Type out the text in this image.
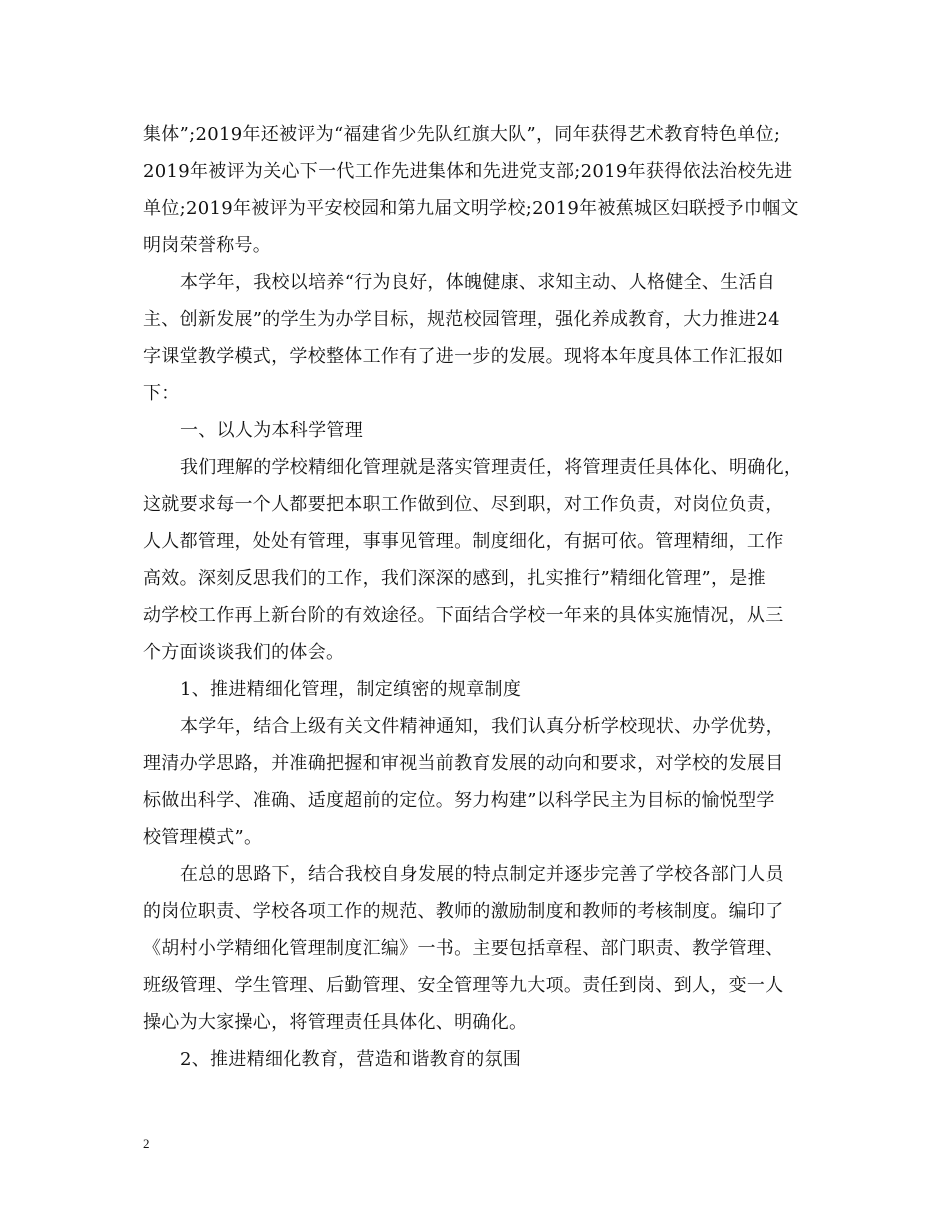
集体”;2019年还被评为“福建省少先队红旗大队”，同年获得艺术教育特色单位;
2019年被评为关心下一代工作先进集体和先进党支部;2019年获得依法治校先进
单位;2019年被评为平安校园和第九届文明学校;2019年被蕉城区妇联授予巾帼文
明岗荣誉称号。
本学年，我校以培养“行为良好，体魄健康、求知主动、人格健全、生活自
主、创新发展”的学生为办学目标，规范校园管理，强化养成教育，大力推进24
字课堂教学模式，学校整体工作有了进一步的发展。现将本年度具体工作汇报如
下：
一、以人为本科学管理
我们理解的学校精细化管理就是落实管理责任，将管理责任具体化、明确化，
这就要求每一个人都要把本职工作做到位、尽到职，对工作负责，对岗位负责，
人人都管理，处处有管理，事事见管理。制度细化，有据可依。管理精细，工作
高效。深刻反思我们的工作，我们深深的感到，扎实推行”精细化管理”，是推
动学校工作再上新台阶的有效途径。下面结合学校一年来的具体实施情况，从三
个方面谈谈我们的体会。
1、推进精细化管理，制定缜密的规章制度
本学年，结合上级有关文件精神通知，我们认真分析学校现状、办学优势，
理清办学思路，并准确把握和审视当前教育发展的动向和要求，对学校的发展目
标做出科学、准确、适度超前的定位。努力构建”以科学民主为目标的愉悦型学
校管理模式”。
在总的思路下，结合我校自身发展的特点制定并逐步完善了学校各部门人员
的岗位职责、学校各项工作的规范、教师的激励制度和教师的考核制度。编印了
《胡村小学精细化管理制度汇编》一书。主要包括章程、部门职责、教学管理、
班级管理、学生管理、后勤管理、安全管理等九大项。责任到岗、到人，变一人
操心为大家操心，将管理责任具体化、明确化。
2、推进精细化教育，营造和谐教育的氛围
2
